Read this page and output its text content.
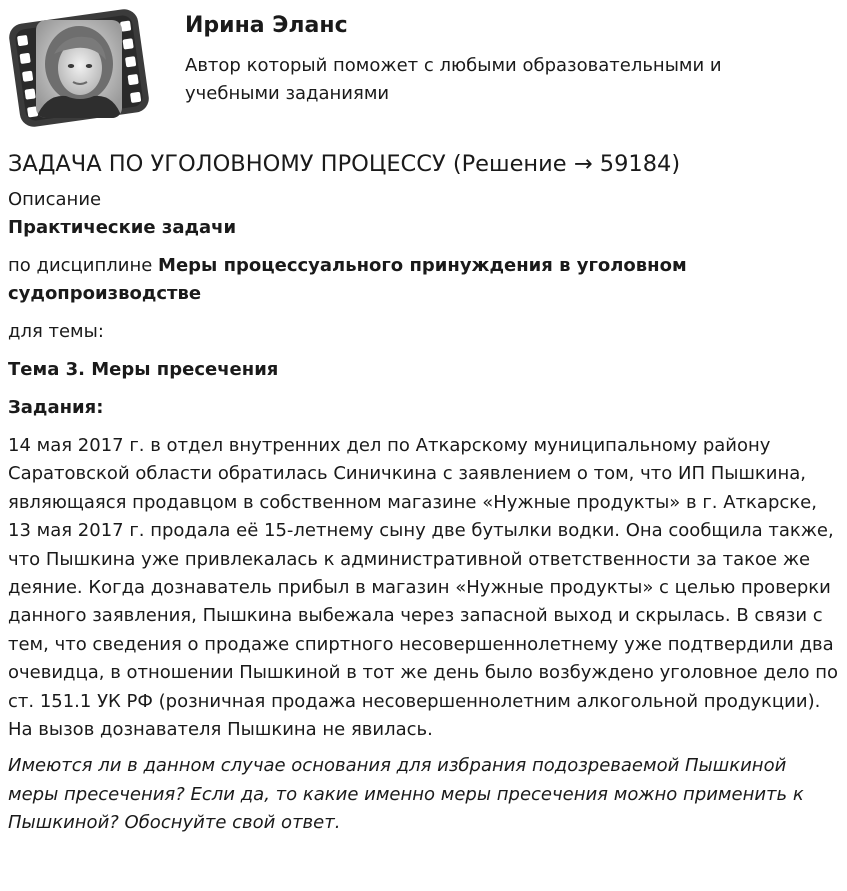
Ирина Эланс

Автор который поможет с любыми образовательными и учебными заданиями

ЗАДАЧА ПО УГОЛОВНОМУ ПРОЦЕССУ (Решение → 59184)

Описание

Практические задачи

по дисциплине Меры процессуального принуждения в уголовном судопроизводстве

для темы:

Тема 3. Меры пресечения

Задания:

14 мая 2017 г. в отдел внутренних дел по Аткарскому муниципальному району Саратовской области обратилась Синичкина с заявлением о том, что ИП Пышкина, являющаяся продавцом в собственном магазине «Нужные продукты» в г. Аткарске, 13 мая 2017 г. продала её 15-летнему сыну две бутылки водки. Она сообщила также, что Пышкина уже привлекалась к административной ответственности за такое же деяние. Когда дознаватель прибыл в магазин «Нужные продукты» с целью проверки данного заявления, Пышкина выбежала через запасной выход и скрылась. В связи с тем, что сведения о продаже спиртного несовершеннолетнему уже подтвердили два очевидца, в отношении Пышкиной в тот же день было возбуждено уголовное дело по ст. 151.1 УК РФ (розничная продажа несовершеннолетним алкогольной продукции). На вызов дознавателя Пышкина не явилась.

Имеются ли в данном случае основания для избрания подозреваемой Пышкиной меры пресечения? Если да, то какие именно меры пресечения можно применить к Пышкиной? Обоснуйте свой ответ.
